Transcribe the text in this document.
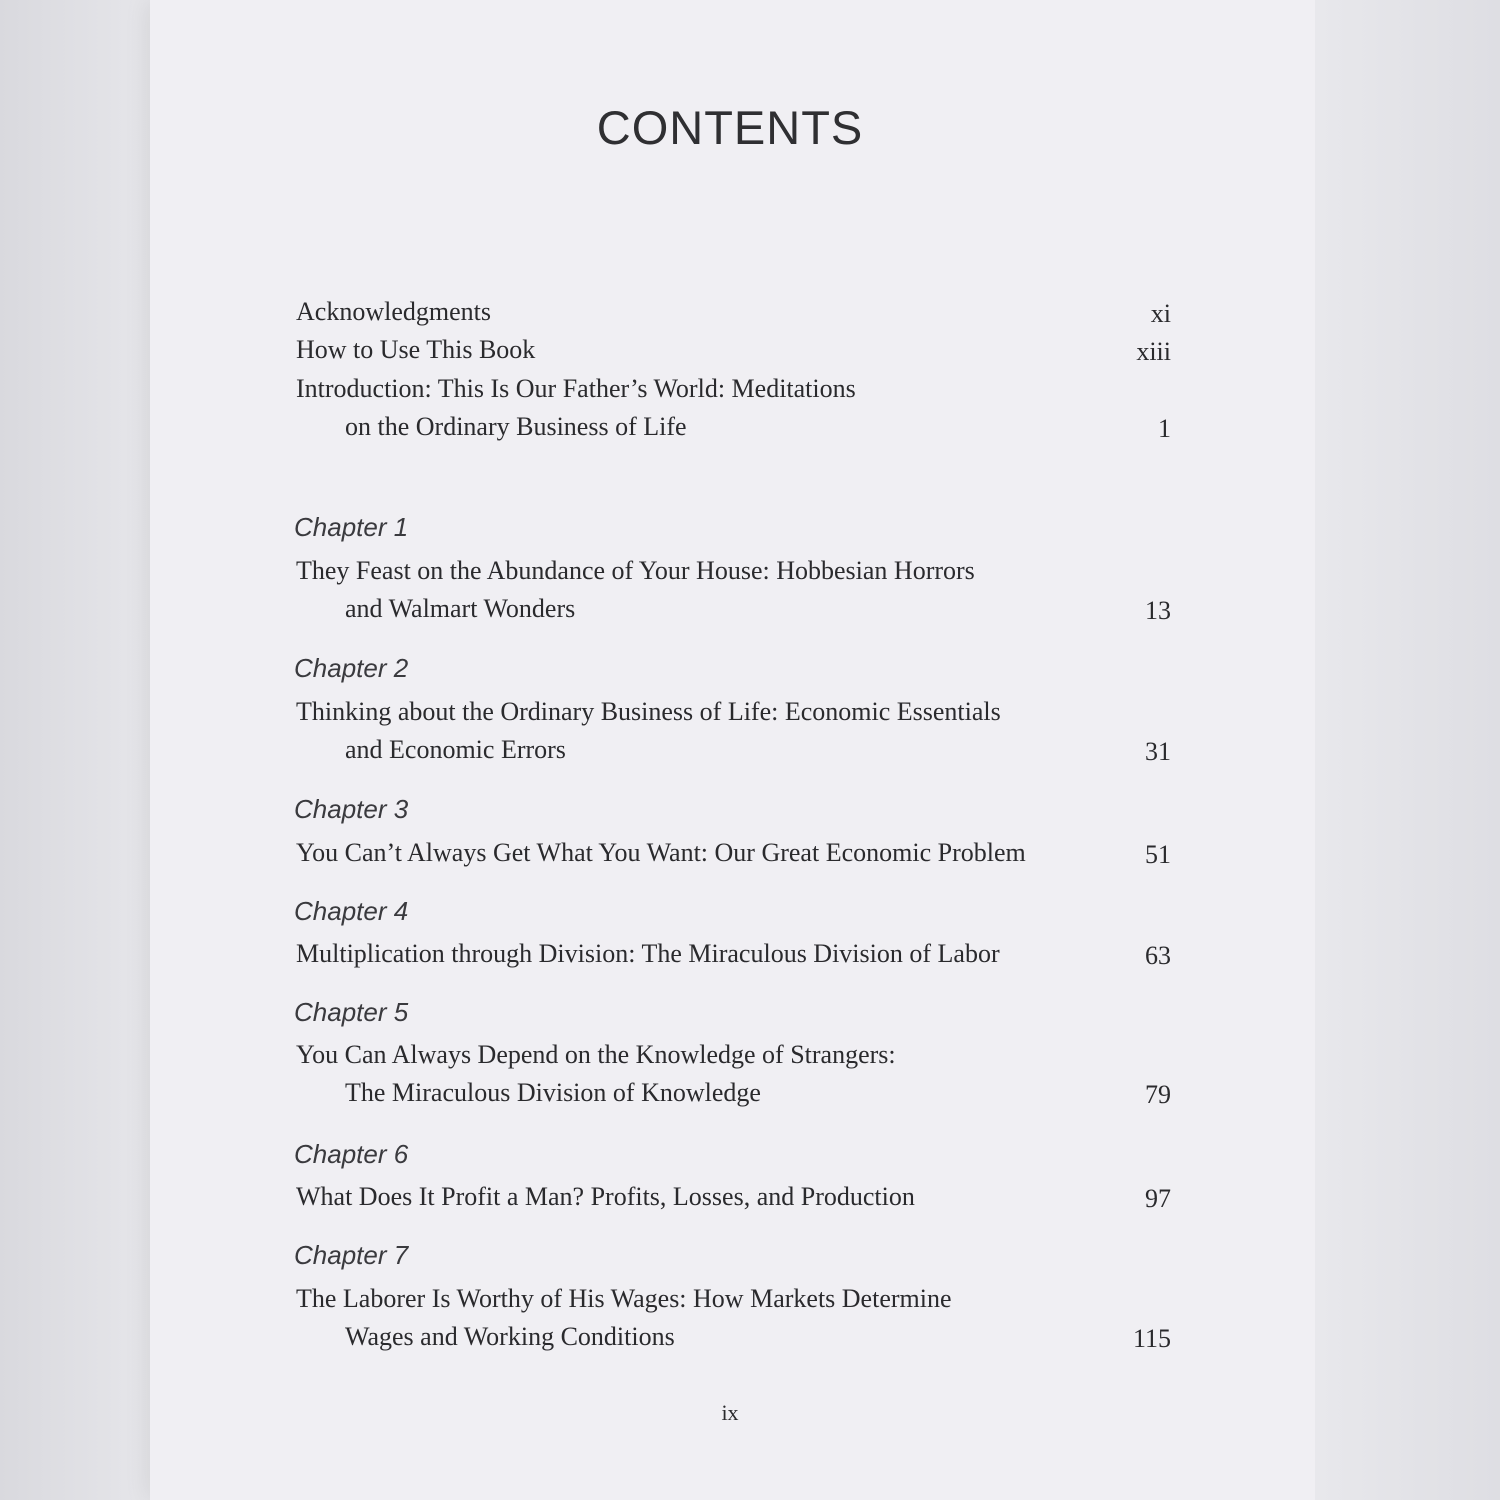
CONTENTS
Acknowledgments	xi
How to Use This Book	xiii
Introduction: This Is Our Father’s World: Meditations
on the Ordinary Business of Life	1
Chapter 1
They Feast on the Abundance of Your House: Hobbesian Horrors
and Walmart Wonders	13
Chapter 2
Thinking about the Ordinary Business of Life: Economic Essentials
and Economic Errors	31
Chapter 3
You Can’t Always Get What You Want: Our Great Economic Problem	51
Chapter 4
Multiplication through Division: The Miraculous Division of Labor	63
Chapter 5
You Can Always Depend on the Knowledge of Strangers:
The Miraculous Division of Knowledge	79
Chapter 6
What Does It Profit a Man? Profits, Losses, and Production	97
Chapter 7
The Laborer Is Worthy of His Wages: How Markets Determine
Wages and Working Conditions	115
ix
